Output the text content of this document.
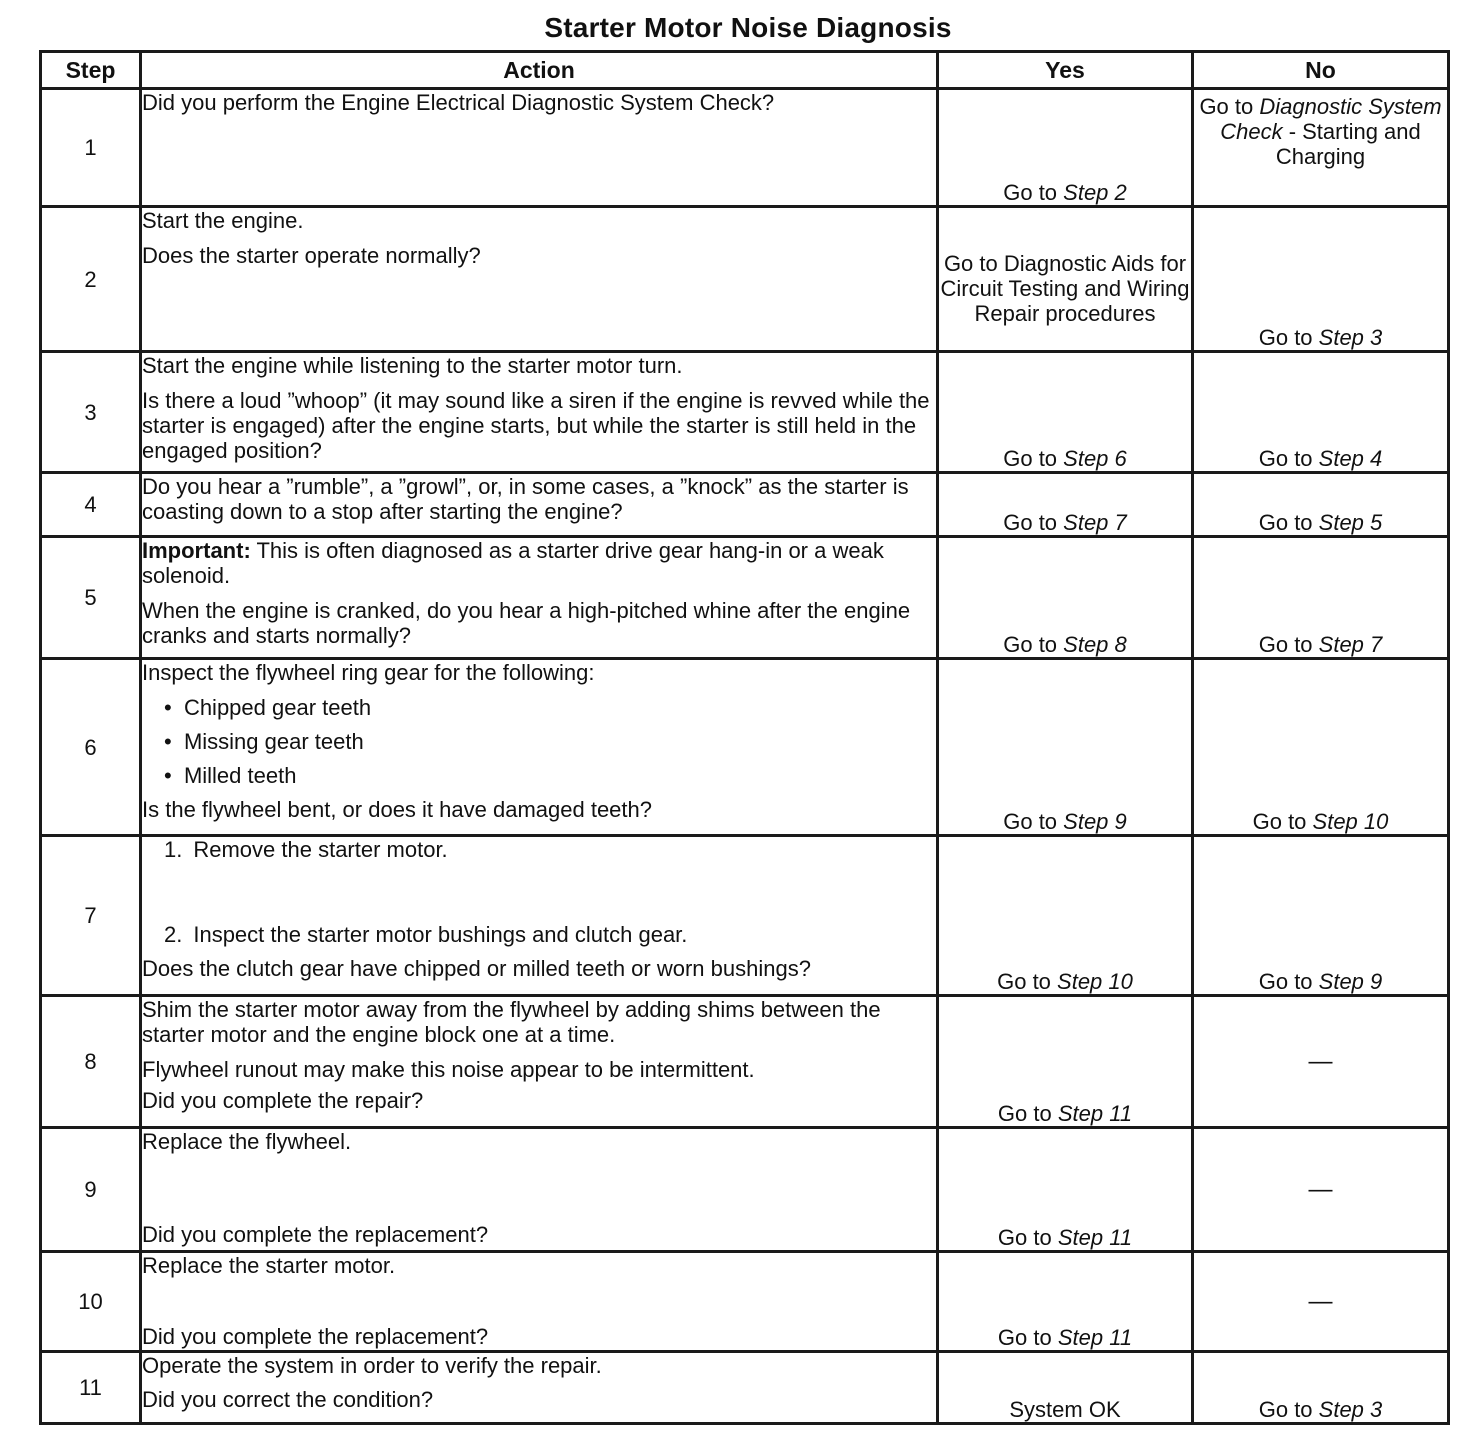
Starter Motor Noise Diagnosis
Step	Action	Yes	No
1	Did you perform the Engine Electrical Diagnostic System Check?	Go to Step 2	Go to Diagnostic System Check - Starting and Charging
2	Start the engine.
Does the starter operate normally?	Go to Diagnostic Aids for Circuit Testing and Wiring Repair procedures	Go to Step 3
3	Start the engine while listening to the starter motor turn.
Is there a loud ”whoop” (it may sound like a siren if the engine is revved while the starter is engaged) after the engine starts, but while the starter is still held in the engaged position?	Go to Step 6	Go to Step 4
4	Do you hear a ”rumble”, a ”growl”, or, in some cases, a ”knock” as the starter is coasting down to a stop after starting the engine?	Go to Step 7	Go to Step 5
5	Important: This is often diagnosed as a starter drive gear hang-in or a weak solenoid.
When the engine is cranked, do you hear a high-pitched whine after the engine cranks and starts normally?	Go to Step 8	Go to Step 7
6	Inspect the flywheel ring gear for the following:
•  Chipped gear teeth
•  Missing gear teeth
•  Milled teeth
Is the flywheel bent, or does it have damaged teeth?	Go to Step 9	Go to Step 10
7	1. Remove the starter motor.
2. Inspect the starter motor bushings and clutch gear.
Does the clutch gear have chipped or milled teeth or worn bushings?	Go to Step 10	Go to Step 9
8	Shim the starter motor away from the flywheel by adding shims between the starter motor and the engine block one at a time.
Flywheel runout may make this noise appear to be intermittent.
Did you complete the repair?	Go to Step 11	—
9	Replace the flywheel.
Did you complete the replacement?	Go to Step 11	—
10	Replace the starter motor.
Did you complete the replacement?	Go to Step 11	—
11	Operate the system in order to verify the repair.
Did you correct the condition?	System OK	Go to Step 3
